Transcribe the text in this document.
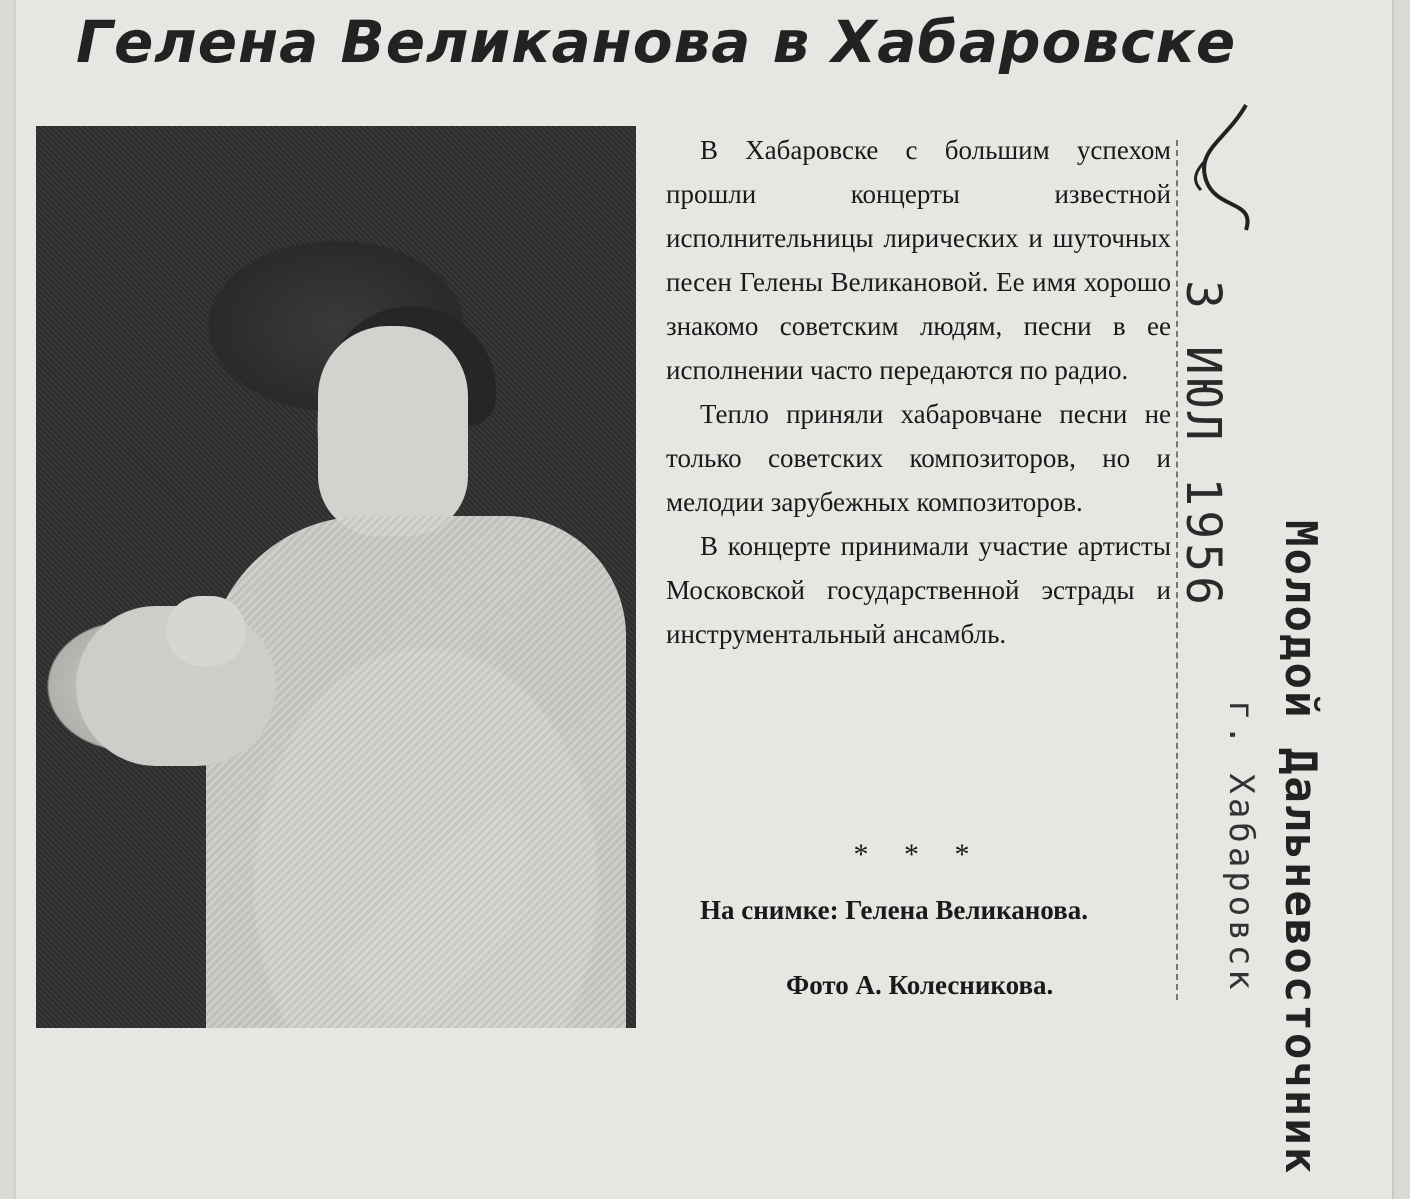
Гелена Великанова в Хабаровске

В Хабаровске с большим успехом прошли концерты известной исполнительницы лирических и шуточных песен Гелены Великановой. Ее имя хорошо знакомо советским людям, песни в ее исполнении часто передаются по радио.

Тепло приняли хабаровчане песни не только советских композиторов, но и мелодии зарубежных композиторов.

В концерте принимали участие артисты Московской государственной эстрады и инструментальный ансамбль.

* * *
На снимке: Гелена Великанова.
Фото А. Колесникова.
3 ИЮЛ 1956
Молодой Дальневосточник
г. Хабаровск
